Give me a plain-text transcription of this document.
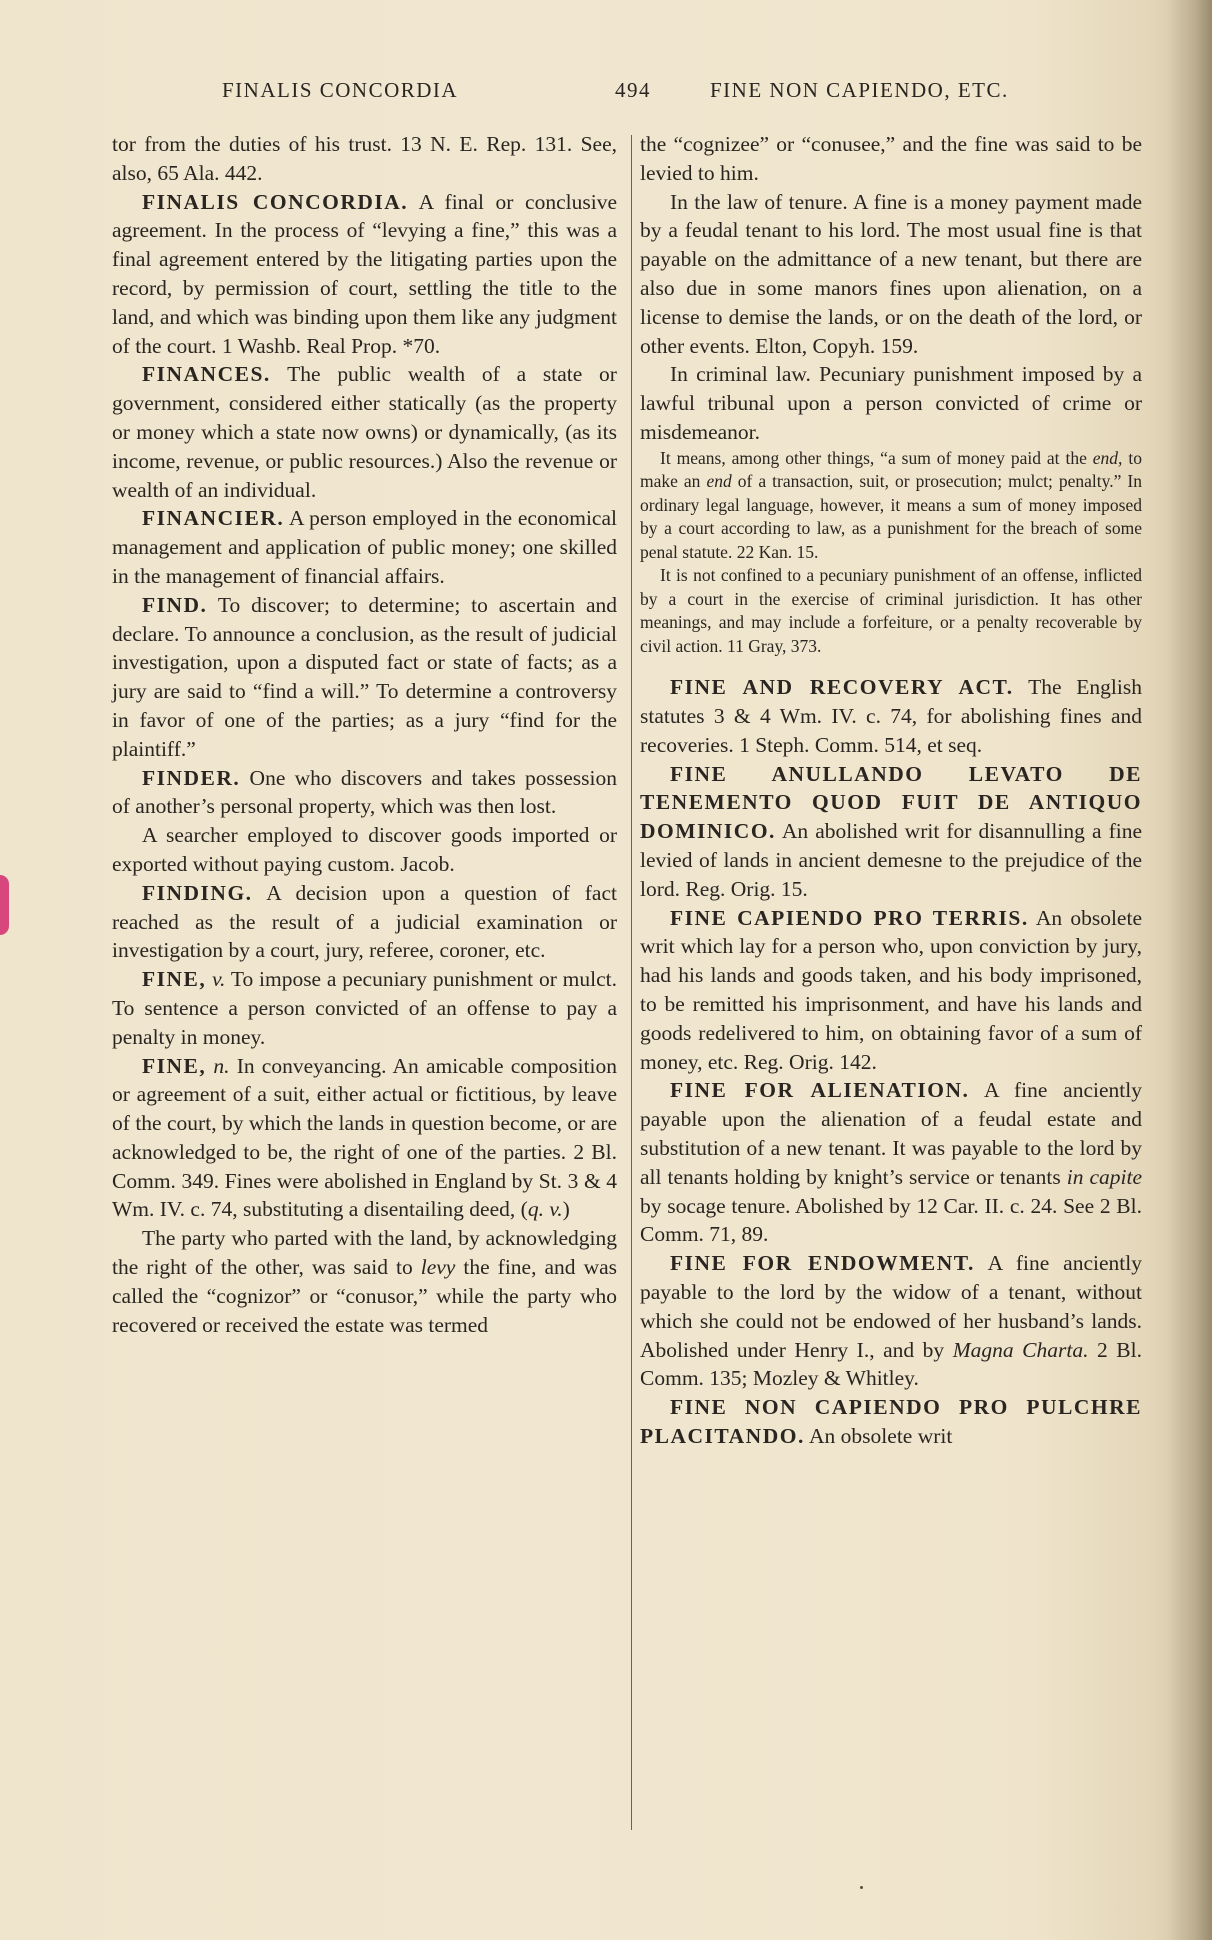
FINALIS CONCORDIA	494	FINE NON CAPIENDO, ETC.

tor from the duties of his trust. 13 N. E. Rep. 131. See, also, 65 Ala. 442.

FINALIS CONCORDIA. A final or conclusive agreement. In the process of “levying a fine,” this was a final agreement entered by the litigating parties upon the record, by permission of court, settling the title to the land, and which was binding upon them like any judgment of the court. 1 Washb. Real Prop. *70.

FINANCES. The public wealth of a state or government, considered either statically (as the property or money which a state now owns) or dynamically, (as its income, revenue, or public resources.) Also the revenue or wealth of an individual.

FINANCIER. A person employed in the economical management and application of public money; one skilled in the management of financial affairs.

FIND. To discover; to determine; to ascertain and declare. To announce a conclusion, as the result of judicial investigation, upon a disputed fact or state of facts; as a jury are said to “find a will.” To determine a controversy in favor of one of the parties; as a jury “find for the plaintiff.”

FINDER. One who discovers and takes possession of another’s personal property, which was then lost.

A searcher employed to discover goods imported or exported without paying custom. Jacob.

FINDING. A decision upon a question of fact reached as the result of a judicial examination or investigation by a court, jury, referee, coroner, etc.

FINE, v. To impose a pecuniary punishment or mulct. To sentence a person convicted of an offense to pay a penalty in money.

FINE, n. In conveyancing. An amicable composition or agreement of a suit, either actual or fictitious, by leave of the court, by which the lands in question become, or are acknowledged to be, the right of one of the parties. 2 Bl. Comm. 349. Fines were abolished in England by St. 3 & 4 Wm. IV. c. 74, substituting a disentailing deed, (q. v.)

The party who parted with the land, by acknowledging the right of the other, was said to levy the fine, and was called the “cognizor” or “conusor,” while the party who recovered or received the estate was termed

the “cognizee” or “conusee,” and the fine was said to be levied to him.

In the law of tenure. A fine is a money payment made by a feudal tenant to his lord. The most usual fine is that payable on the admittance of a new tenant, but there are also due in some manors fines upon alienation, on a license to demise the lands, or on the death of the lord, or other events. Elton, Copyh. 159.

In criminal law. Pecuniary punishment imposed by a lawful tribunal upon a person convicted of crime or misdemeanor.

It means, among other things, “a sum of money paid at the end, to make an end of a transaction, suit, or prosecution; mulct; penalty.” In ordinary legal language, however, it means a sum of money imposed by a court according to law, as a punishment for the breach of some penal statute. 22 Kan. 15.

It is not confined to a pecuniary punishment of an offense, inflicted by a court in the exercise of criminal jurisdiction. It has other meanings, and may include a forfeiture, or a penalty recoverable by civil action. 11 Gray, 373.

FINE AND RECOVERY ACT. The English statutes 3 & 4 Wm. IV. c. 74, for abolishing fines and recoveries. 1 Steph. Comm. 514, et seq.

FINE ANULLANDO LEVATO DE TENEMENTO QUOD FUIT DE ANTIQUO DOMINICO. An abolished writ for disannulling a fine levied of lands in ancient demesne to the prejudice of the lord. Reg. Orig. 15.

FINE CAPIENDO PRO TERRIS. An obsolete writ which lay for a person who, upon conviction by jury, had his lands and goods taken, and his body imprisoned, to be remitted his imprisonment, and have his lands and goods redelivered to him, on obtaining favor of a sum of money, etc. Reg. Orig. 142.

FINE FOR ALIENATION. A fine anciently payable upon the alienation of a feudal estate and substitution of a new tenant. It was payable to the lord by all tenants holding by knight’s service or tenants in capite by socage tenure. Abolished by 12 Car. II. c. 24. See 2 Bl. Comm. 71, 89.

FINE FOR ENDOWMENT. A fine anciently payable to the lord by the widow of a tenant, without which she could not be endowed of her husband’s lands. Abolished under Henry I., and by Magna Charta. 2 Bl. Comm. 135; Mozley & Whitley.

FINE NON CAPIENDO PRO PULCHRE PLACITANDO. An obsolete writ
